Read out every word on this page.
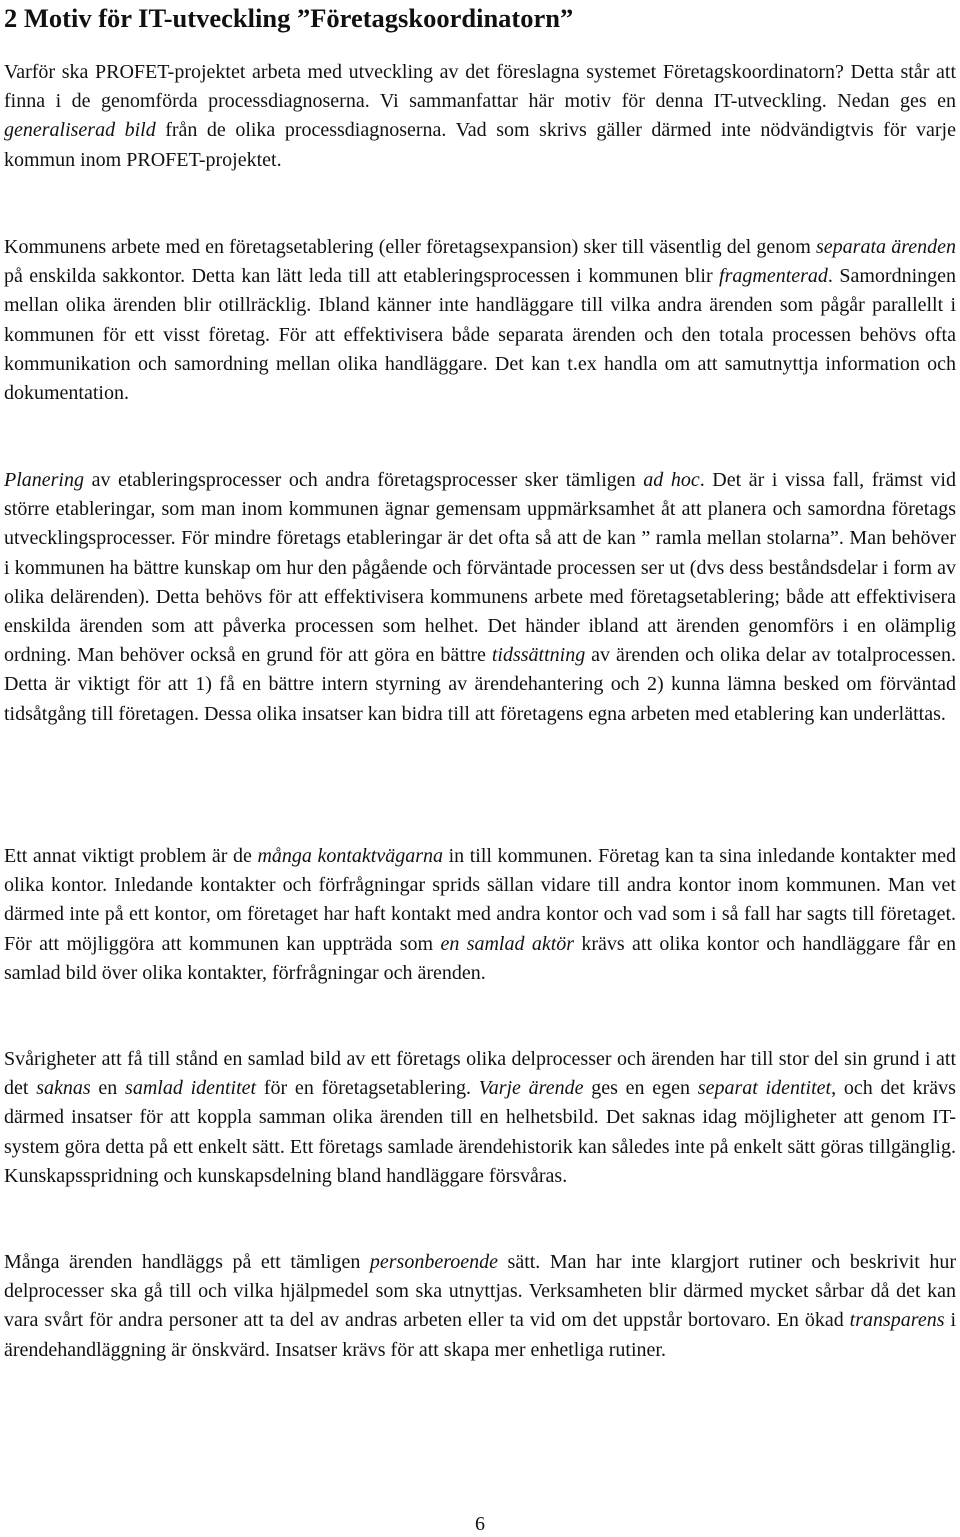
2 Motiv för IT-utveckling ”Företagskoordinatorn”

Varför ska PROFET-projektet arbeta med utveckling av det föreslagna systemet Företagskoordinatorn? Detta står att finna i de genomförda processdiagnoserna. Vi sammanfattar här motiv för denna IT-utveckling. Nedan ges en generaliserad bild från de olika processdiagnoserna. Vad som skrivs gäller därmed inte nödvändigtvis för varje kommun inom PROFET-projektet.

Kommunens arbete med en företagsetablering (eller företagsexpansion) sker till väsentlig del genom separata ärenden på enskilda sakkontor. Detta kan lätt leda till att etableringsprocessen i kommunen blir fragmenterad. Samordningen mellan olika ärenden blir otillräcklig. Ibland känner inte handläggare till vilka andra ärenden som pågår parallellt i kommunen för ett visst företag. För att effektivisera både separata ärenden och den totala processen behövs ofta kommunikation och samordning mellan olika handläggare. Det kan t.ex handla om att samutnyttja information och dokumentation.

Planering av etableringsprocesser och andra företagsprocesser sker tämligen ad hoc. Det är i vissa fall, främst vid större etableringar, som man inom kommunen ägnar gemensam uppmärksamhet åt att planera och samordna företags utvecklingsprocesser. För mindre företags etableringar är det ofta så att de kan ” ramla mellan stolarna”. Man behöver i kommunen ha bättre kunskap om hur den pågående och förväntade processen ser ut (dvs dess beståndsdelar i form av olika delärenden). Detta behövs för att effektivisera kommunens arbete med företagsetablering; både att effektivisera enskilda ärenden som att påverka processen som helhet. Det händer ibland att ärenden genomförs i en olämplig ordning. Man behöver också en grund för att göra en bättre tidssättning av ärenden och olika delar av totalprocessen. Detta är viktigt för att 1) få en bättre intern styrning av ärendehantering och 2) kunna lämna besked om förväntad tidsåtgång till företagen. Dessa olika insatser kan bidra till att företagens egna arbeten med etablering kan underlättas.

Ett annat viktigt problem är de många kontaktvägarna in till kommunen. Företag kan ta sina inledande kontakter med olika kontor. Inledande kontakter och förfrågningar sprids sällan vidare till andra kontor inom kommunen. Man vet därmed inte på ett kontor, om företaget har haft kontakt med andra kontor och vad som i så fall har sagts till företaget. För att möjliggöra att kommunen kan uppträda som en samlad aktör krävs att olika kontor och handläggare får en samlad bild över olika kontakter, förfrågningar och ärenden.

Svårigheter att få till stånd en samlad bild av ett företags olika delprocesser och ärenden har till stor del sin grund i att det saknas en samlad identitet för en företagsetablering. Varje ärende ges en egen separat identitet, och det krävs därmed insatser för att koppla samman olika ärenden till en helhetsbild. Det saknas idag möjligheter att genom IT-system göra detta på ett enkelt sätt. Ett företags samlade ärendehistorik kan således inte på enkelt sätt göras tillgänglig. Kunskapsspridning och kunskapsdelning bland handläggare försvåras.

Många ärenden handläggs på ett tämligen personberoende sätt. Man har inte klargjort rutiner och beskrivit hur delprocesser ska gå till och vilka hjälpmedel som ska utnyttjas. Verksamheten blir därmed mycket sårbar då det kan vara svårt för andra personer att ta del av andras arbeten eller ta vid om det uppstår bortovaro. En ökad transparens i ärendehandläggning är önskvärd. Insatser krävs för att skapa mer enhetliga rutiner.

6
